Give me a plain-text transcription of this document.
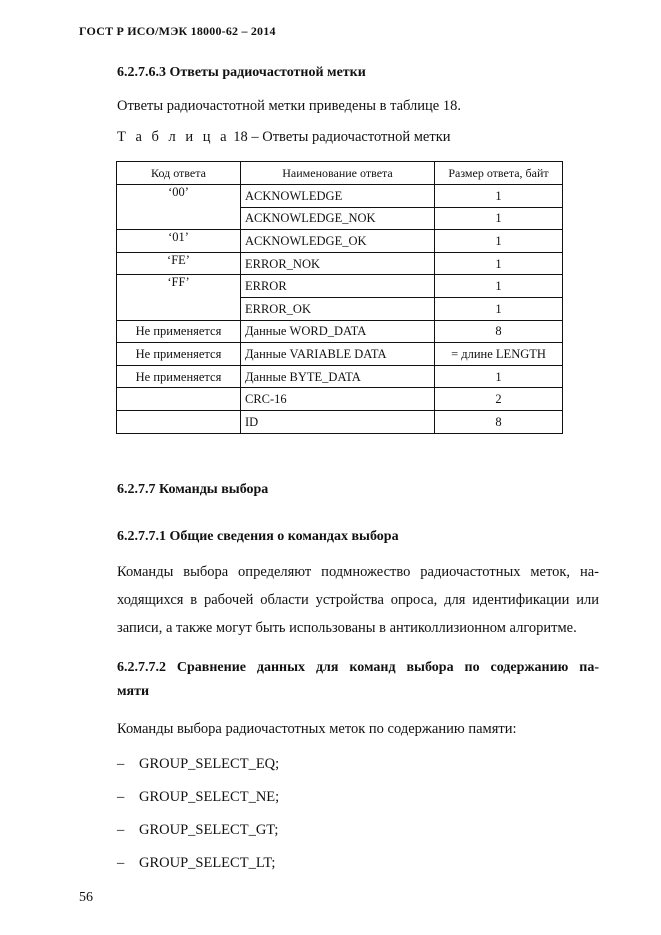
ГОСТ Р ИСО/МЭК 18000-62 – 2014
6.2.7.6.3 Ответы радиочастотной метки
Ответы радиочастотной метки приведены в таблице 18.
Т а б л и ц а 18 – Ответы радиочастотной метки
Код ответа	Наименование ответа	Размер ответа, байт
‘00’	ACKNOWLEDGE	1
	ACKNOWLEDGE_NOK	1
‘01’	ACKNOWLEDGE_OK	1
‘FE’	ERROR_NOK	1
‘FF’	ERROR	1
	ERROR_OK	1
Не применяется	Данные WORD_DATA	8
Не применяется	Данные VARIABLE DATA	= длине LENGTH
Не применяется	Данные BYTE_DATA	1
	CRC-16	2
	ID	8
6.2.7.7 Команды выбора
6.2.7.7.1 Общие сведения о командах выбора
Команды выбора определяют подмножество радиочастотных меток, на-
ходящихся в рабочей области устройства опроса, для идентификации или
записи, а также могут быть использованы в антиколлизионном алгоритме.
6.2.7.7.2 Сравнение данных для команд выбора по содержанию па-
мяти
Команды выбора радиочастотных меток по содержанию памяти:
– GROUP_SELECT_EQ;
– GROUP_SELECT_NE;
– GROUP_SELECT_GT;
– GROUP_SELECT_LT;
56
